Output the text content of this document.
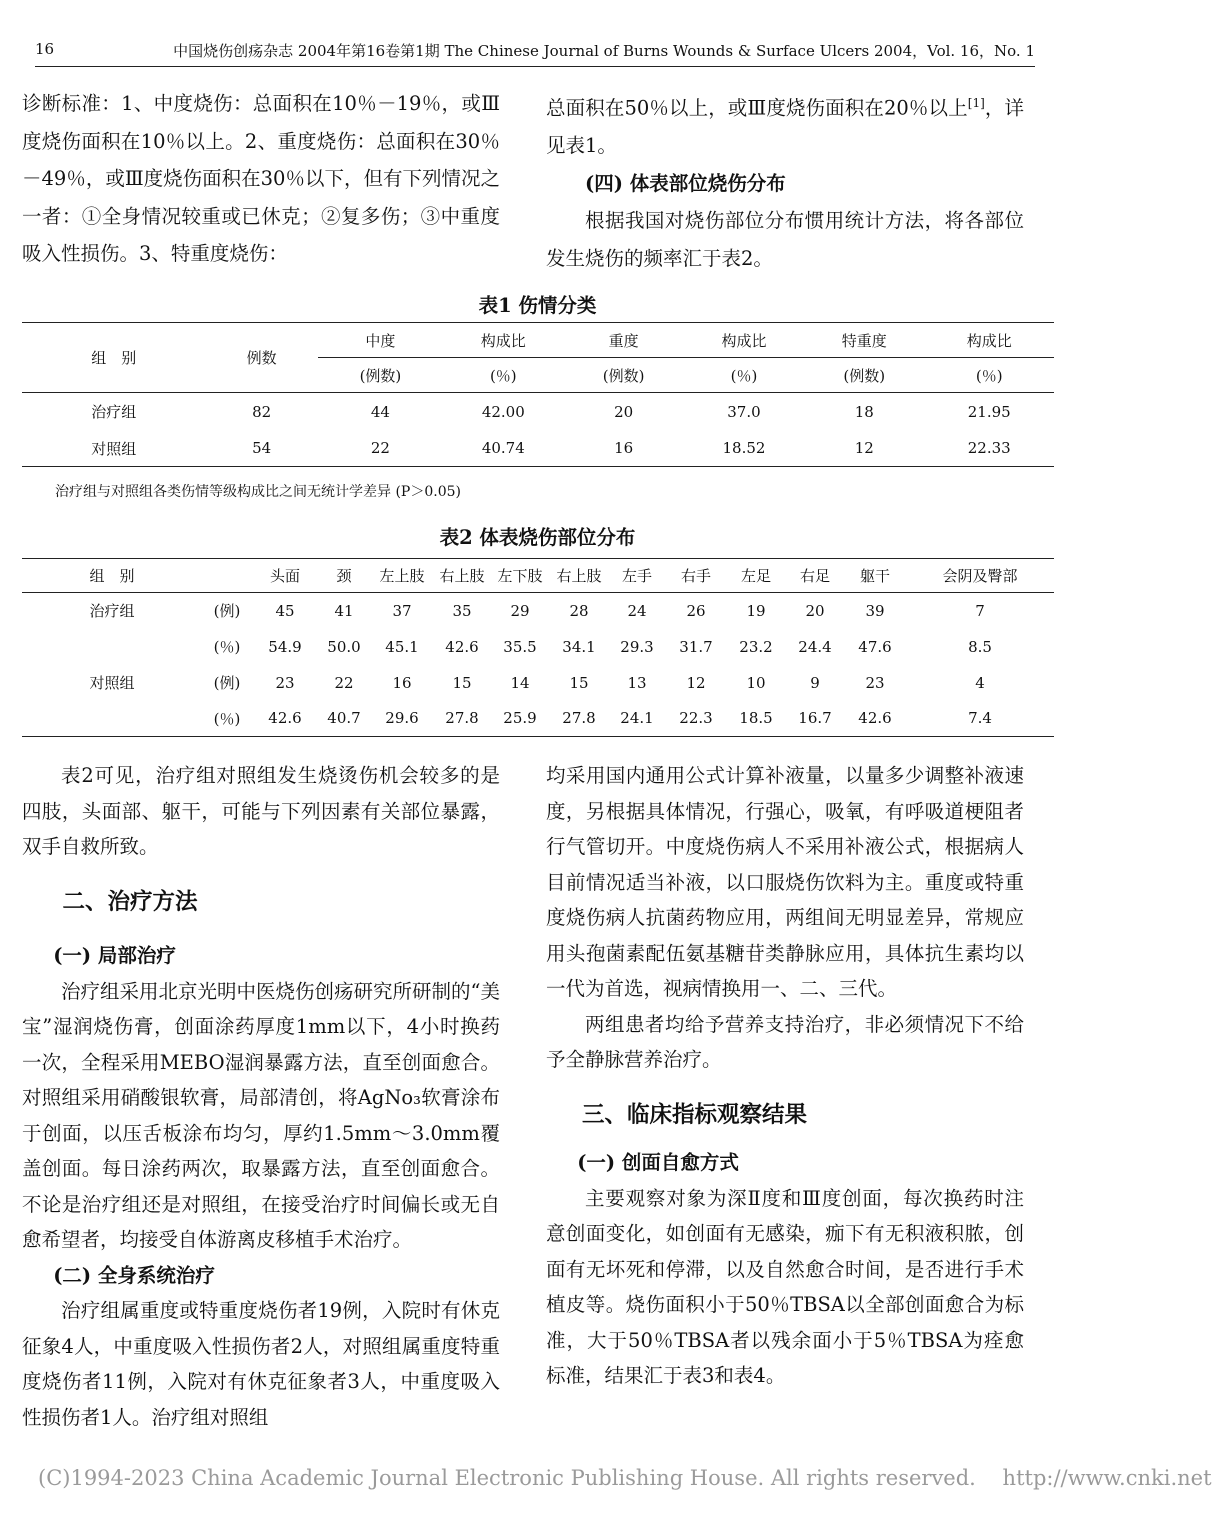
16	中国烧伤创疡杂志 2004年第16卷第1期 The Chinese Journal of Burns Wounds & Surface Ulcers 2004，Vol. 16，No. 1

诊断标准：1、中度烧伤：总面积在10％－19％，或Ⅲ度烧伤面积在10％以上。2、重度烧伤：总面积在30％－49％，或Ⅲ度烧伤面积在30％以下，但有下列情况之一者：①全身情况较重或已休克；②复多伤；③中重度吸入性损伤。3、特重度烧伤：

总面积在50％以上，或Ⅲ度烧伤面积在20％以上[1]，详见表1。

(四) 体表部位烧伤分布

根据我国对烧伤部位分布惯用统计方法，将各部位发生烧伤的频率汇于表2。

表1 伤情分类
组　别	例数	中度	构成比	重度	构成比	特重度	构成比
		(例数)	(％)	(例数)	(％)	(例数)	(％)
治疗组	82	44	42.00	20	37.0	18	21.95
对照组	54	22	40.74	16	18.52	12	22.33
治疗组与对照组各类伤情等级构成比之间无统计学差异 (P＞0.05)
表2 体表烧伤部位分布
组　别		头面	颈	左上肢	右上肢	左下肢	右上肢	左手	右手	左足	右足	躯干	会阴及臀部
治疗组	(例)	45	41	37	35	29	28	24	26	19	20	39	7
	(％)	54.9	50.0	45.1	42.6	35.5	34.1	29.3	31.7	23.2	24.4	47.6	8.5
对照组	(例)	23	22	16	15	14	15	13	12	10	9	23	4
	(％)	42.6	40.7	29.6	27.8	25.9	27.8	24.1	22.3	18.5	16.7	42.6	7.4

表2可见，治疗组对照组发生烧烫伤机会较多的是四肢，头面部、躯干，可能与下列因素有关部位暴露，双手自救所致。

二、治疗方法

(一) 局部治疗

治疗组采用北京光明中医烧伤创疡研究所研制的“美宝”湿润烧伤膏，创面涂药厚度1mm以下，4小时换药一次，全程采用MEBO湿润暴露方法，直至创面愈合。对照组采用硝酸银软膏，局部清创，将AgNo₃软膏涂布于创面，以压舌板涂布均匀，厚约1.5mm～3.0mm覆盖创面。每日涂药两次，取暴露方法，直至创面愈合。不论是治疗组还是对照组，在接受治疗时间偏长或无自愈希望者，均接受自体游离皮移植手术治疗。

(二) 全身系统治疗

治疗组属重度或特重度烧伤者19例，入院时有休克征象4人，中重度吸入性损伤者2人，对照组属重度特重度烧伤者11例，入院对有休克征象者3人，中重度吸入性损伤者1人。治疗组对照组

均采用国内通用公式计算补液量，以量多少调整补液速度，另根据具体情况，行强心，吸氧，有呼吸道梗阻者行气管切开。中度烧伤病人不采用补液公式，根据病人目前情况适当补液，以口服烧伤饮料为主。重度或特重度烧伤病人抗菌药物应用，两组间无明显差异，常规应用头孢菌素配伍氨基糖苷类静脉应用，具体抗生素均以一代为首选，视病情换用一、二、三代。

两组患者均给予营养支持治疗，非必须情况下不给予全静脉营养治疗。

三、临床指标观察结果

(一) 创面自愈方式

主要观察对象为深Ⅱ度和Ⅲ度创面，每次换药时注意创面变化，如创面有无感染，痂下有无积液积脓，创面有无坏死和停滞，以及自然愈合时间，是否进行手术植皮等。烧伤面积小于50％TBSA以全部创面愈合为标准，大于50％TBSA者以残余面小于5％TBSA为痊愈标准，结果汇于表3和表4。

(C)1994-2023 China Academic Journal Electronic Publishing House. All rights reserved. http://www.cnki.net
